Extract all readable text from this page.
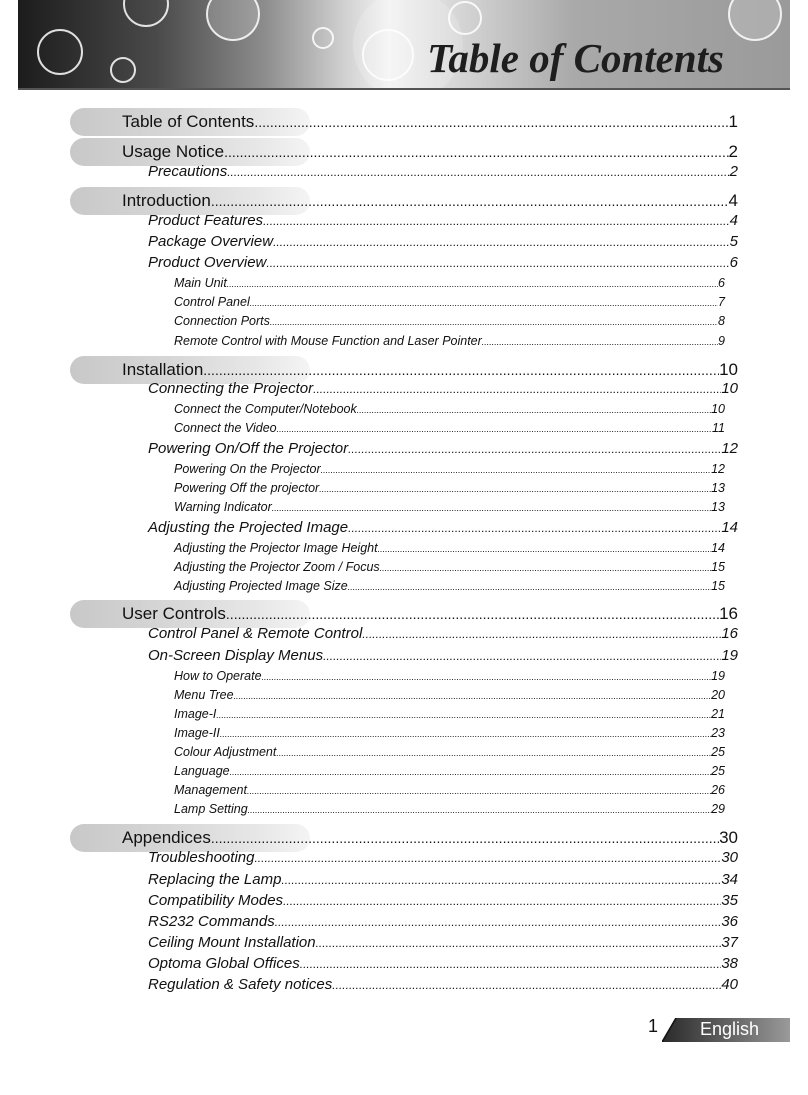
Table of Contents
Table of Contents .....	1
Usage Notice .....	2
Precautions .....	2
Introduction .....	4
Product Features .....	4
Package Overview .....	5
Product Overview .....	6
Main Unit .....	6
Control Panel .....	7
Connection Ports .....	8
Remote Control with Mouse Function and Laser Pointer .....	9
Installation .....	10
Connecting the Projector .....	10
Connect the Computer/Notebook .....	10
Connect the Video .....	11
Powering On/Off the Projector .....	12
Powering On the Projector .....	12
Powering Off the projector .....	13
Warning Indicator .....	13
Adjusting the Projected Image .....	14
Adjusting the Projector Image Height .....	14
Adjusting the Projector Zoom / Focus .....	15
Adjusting Projected Image Size .....	15
User Controls .....	16
Control Panel & Remote Control .....	16
On-Screen Display Menus .....	19
How to Operate .....	19
Menu Tree .....	20
Image-I .....	21
Image-II .....	23
Colour Adjustment .....	25
Language .....	25
Management .....	26
Lamp Setting .....	29
Appendices .....	30
Troubleshooting .....	30
Replacing the Lamp .....	34
Compatibility Modes .....	35
RS232 Commands .....	36
Ceiling Mount Installation .....	37
Optoma Global Offices .....	38
Regulation & Safety notices .....	40
1 English
